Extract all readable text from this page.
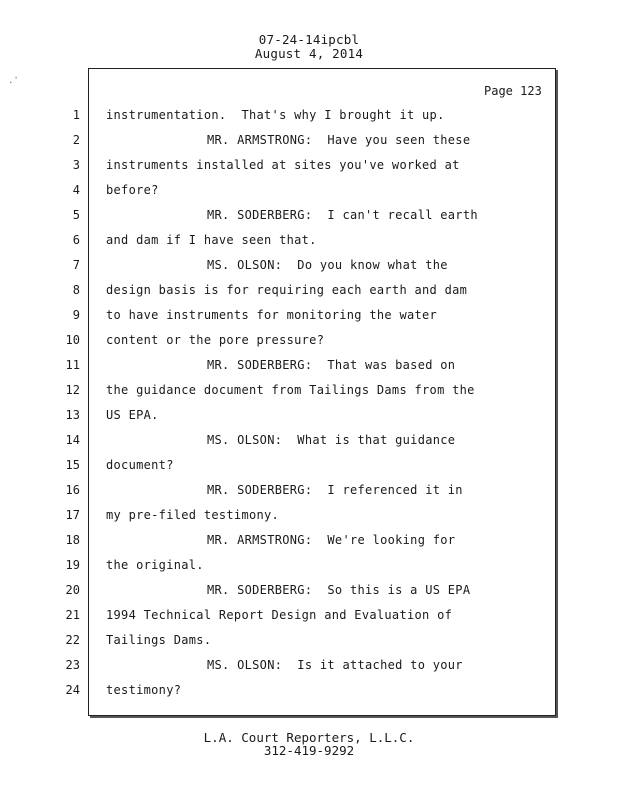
07-24-14ipcbl
August 4, 2014
.'
Page 123
1
2
3
4
5
6
7
8
9
10
11
12
13
14
15
16
17
18
19
20
21
22
23
24
instrumentation.  That's why I brought it up.
MR. ARMSTRONG:  Have you seen these
instruments installed at sites you've worked at
before?
MR. SODERBERG:  I can't recall earth
and dam if I have seen that.
MS. OLSON:  Do you know what the
design basis is for requiring each earth and dam
to have instruments for monitoring the water
content or the pore pressure?
MR. SODERBERG:  That was based on
the guidance document from Tailings Dams from the
US EPA.
MS. OLSON:  What is that guidance
document?
MR. SODERBERG:  I referenced it in
my pre-filed testimony.
MR. ARMSTRONG:  We're looking for
the original.
MR. SODERBERG:  So this is a US EPA
1994 Technical Report Design and Evaluation of
Tailings Dams.
MS. OLSON:  Is it attached to your
testimony?
L.A. Court Reporters, L.L.C.
312-419-9292
